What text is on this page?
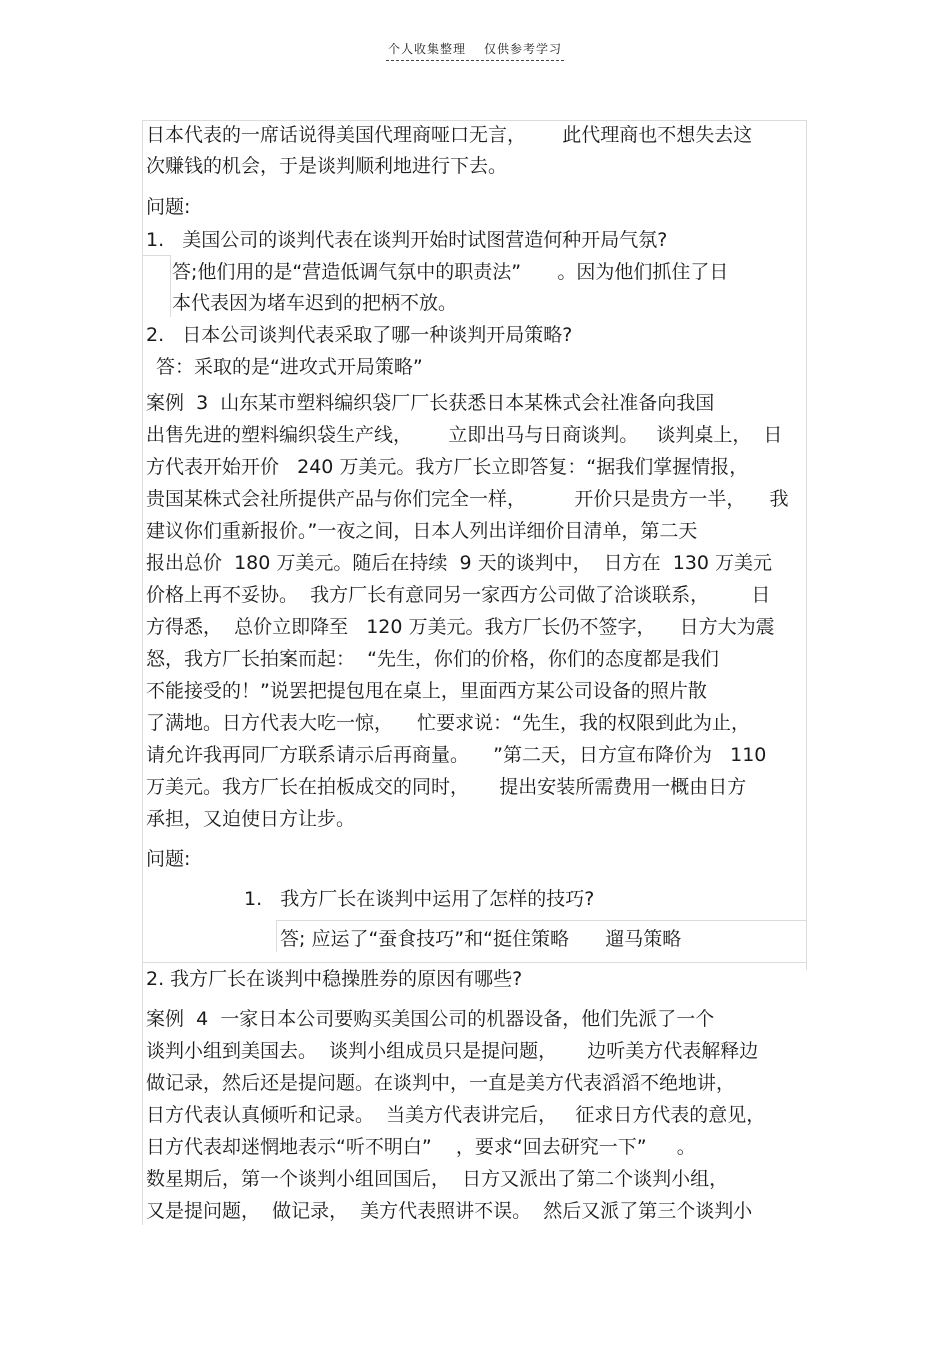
个人收集整理 仅供参考学习
日本代表的一席话说得美国代理商哑口无言，      此代理商也不想失去这
次赚钱的机会，于是谈判顺利地进行下去。
问题:
1.   美国公司的谈判代表在谈判开始时试图营造何种开局气氛?
答;他们用的是“营造低调气氛中的职责法”      。因为他们抓住了日
本代表因为堵车迟到的把柄不放。
2.   日本公司谈判代表采取了哪一种谈判开局策略?
答：采取的是“进攻式开局策略”
案例  3  山东某市塑料编织袋厂厂长获悉日本某株式会社准备向我国
出售先进的塑料编织袋生产线，      立即出马与日商谈判。   谈判桌上，  日
方代表开始开价   240 万美元。我方厂长立即答复：“据我们掌握情报，
贵国某株式会社所提供产品与你们完全一样，        开价只是贵方一半，    我
建议你们重新报价。”一夜之间，日本人列出详细价目清单，第二天
报出总价  180 万美元。随后在持续  9 天的谈判中，  日方在  130 万美元
价格上再不妥协。  我方厂长有意同另一家西方公司做了洽谈联系，       日
方得悉，  总价立即降至   120 万美元。我方厂长仍不签字，    日方大为震
怒，我方厂长拍案而起：  “先生，你们的价格，你们的态度都是我们
不能接受的！”说罢把提包甩在桌上，里面西方某公司设备的照片散
了满地。日方代表大吃一惊，    忙要求说：“先生，我的权限到此为止，
请允许我再同厂方联系请示后再商量。    ”第二天，日方宣布降价为   110
万美元。我方厂长在拍板成交的同时，     提出安装所需费用一概由日方
承担，又迫使日方让步。
问题:
1.   我方厂长在谈判中运用了怎样的技巧?
答; 应运了“蚕食技巧”和“挺住策略      遛马策略
2. 我方厂长在谈判中稳操胜券的原因有哪些?
案例  4  一家日本公司要购买美国公司的机器设备，他们先派了一个
谈判小组到美国去。  谈判小组成员只是提问题，     边听美方代表解释边
做记录，然后还是提问题。在谈判中，一直是美方代表滔滔不绝地讲，
日方代表认真倾听和记录。  当美方代表讲完后，   征求日方代表的意见，
日方代表却迷惘地表示“听不明白”    ，要求“回去研究一下”     。
数星期后，第一个谈判小组回国后，  日方又派出了第二个谈判小组，
又是提问题，  做记录，  美方代表照讲不误。  然后又派了第三个谈判小
